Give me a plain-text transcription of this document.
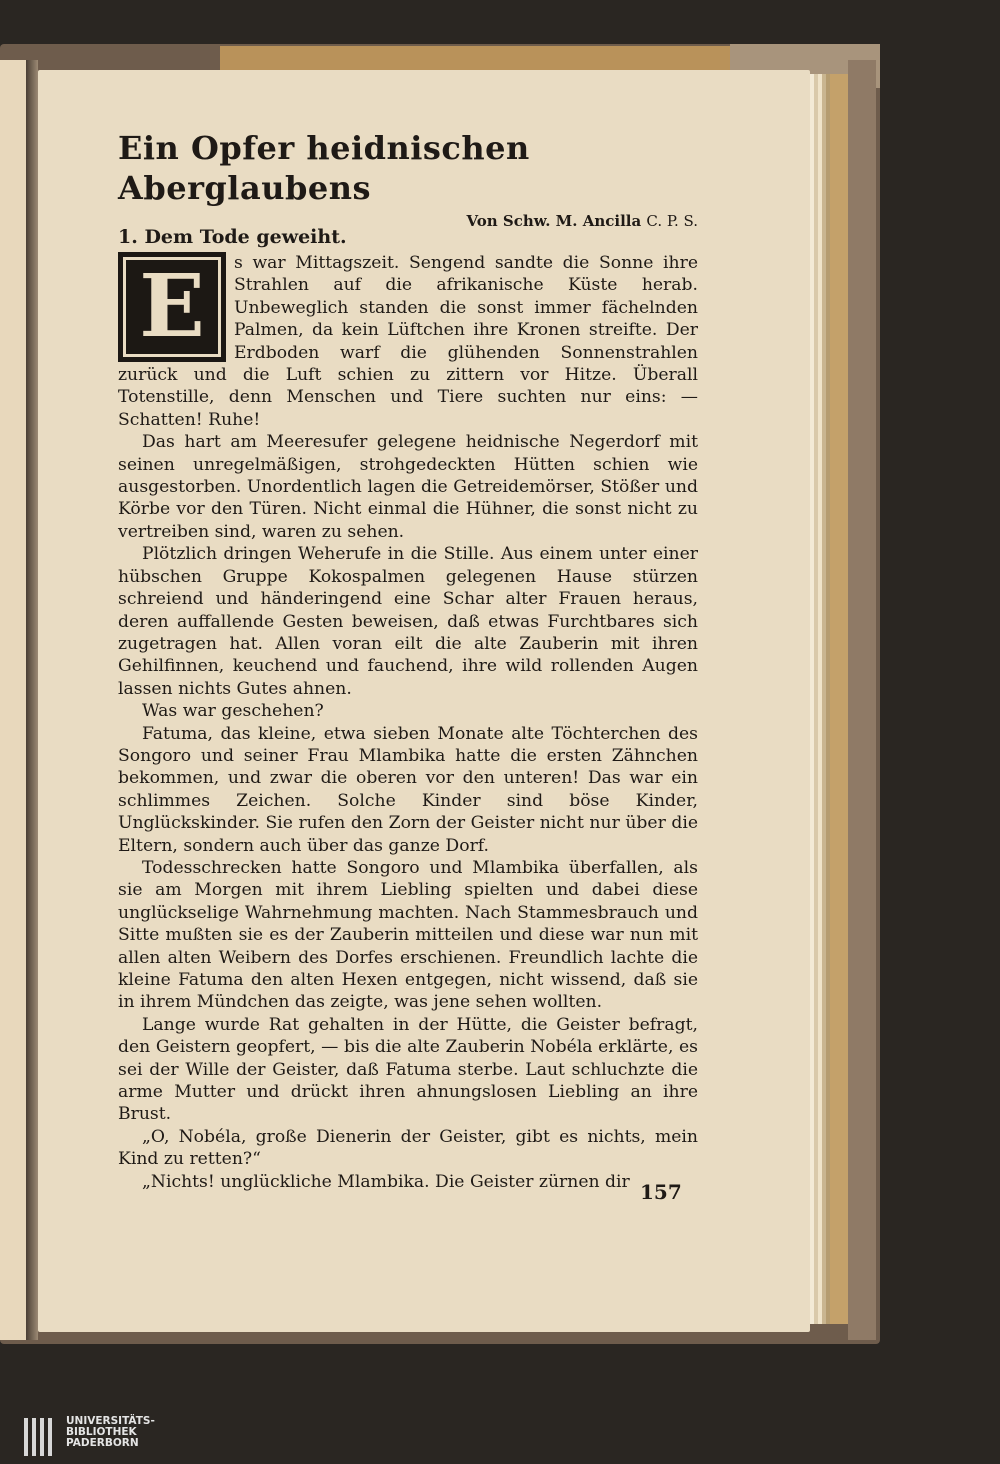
Ein Opfer heidnischen Aberglaubens
1. Dem Tode geweiht.
Von Schw. M. Ancilla C. P. S.

E s war Mittagszeit. Sengend sandte die Sonne ihre Strahlen auf die afrikanische Küste herab. Unbeweglich standen die sonst immer fächelnden Palmen, da kein Lüftchen ihre Kronen streifte. Der Erdboden warf die glühenden Sonnenstrahlen zurück und die Luft schien zu zittern vor Hitze. Überall Totenstille, denn Menschen und Tiere suchten nur eins: — Schatten! Ruhe!

Das hart am Meeresufer gelegene heidnische Negerdorf mit seinen unregelmäßigen, strohgedeckten Hütten schien wie ausgestorben. Unordentlich lagen die Getreidemörser, Stößer und Körbe vor den Türen. Nicht einmal die Hühner, die sonst nicht zu vertreiben sind, waren zu sehen.

Plötzlich dringen Weherufe in die Stille. Aus einem unter einer hübschen Gruppe Kokospalmen gelegenen Hause stürzen schreiend und händeringend eine Schar alter Frauen heraus, deren auffallende Gesten beweisen, daß etwas Furchtbares sich zugetragen hat. Allen voran eilt die alte Zauberin mit ihren Gehilfinnen, keuchend und fauchend, ihre wild rollenden Augen lassen nichts Gutes ahnen.

Was war geschehen?

Fatuma, das kleine, etwa sieben Monate alte Töchterchen des Songoro und seiner Frau Mlambika hatte die ersten Zähnchen bekommen, und zwar die oberen vor den unteren! Das war ein schlimmes Zeichen. Solche Kinder sind böse Kinder, Unglückskinder. Sie rufen den Zorn der Geister nicht nur über die Eltern, sondern auch über das ganze Dorf.

Todesschrecken hatte Songoro und Mlambika überfallen, als sie am Morgen mit ihrem Liebling spielten und dabei diese unglückselige Wahrnehmung machten. Nach Stammesbrauch und Sitte mußten sie es der Zauberin mitteilen und diese war nun mit allen alten Weibern des Dorfes erschienen. Freundlich lachte die kleine Fatuma den alten Hexen entgegen, nicht wissend, daß sie in ihrem Mündchen das zeigte, was jene sehen wollten.

Lange wurde Rat gehalten in der Hütte, die Geister befragt, den Geistern geopfert, — bis die alte Zauberin Nobéla erklärte, es sei der Wille der Geister, daß Fatuma sterbe. Laut schluchzte die arme Mutter und drückt ihren ahnungslosen Liebling an ihre Brust.

„O, Nobéla, große Dienerin der Geister, gibt es nichts, mein Kind zu retten?“

„Nichts! unglückliche Mlambika. Die Geister zürnen dir 157
UNIVERSITÄTS-
BIBLIOTHEK
PADERBORN
